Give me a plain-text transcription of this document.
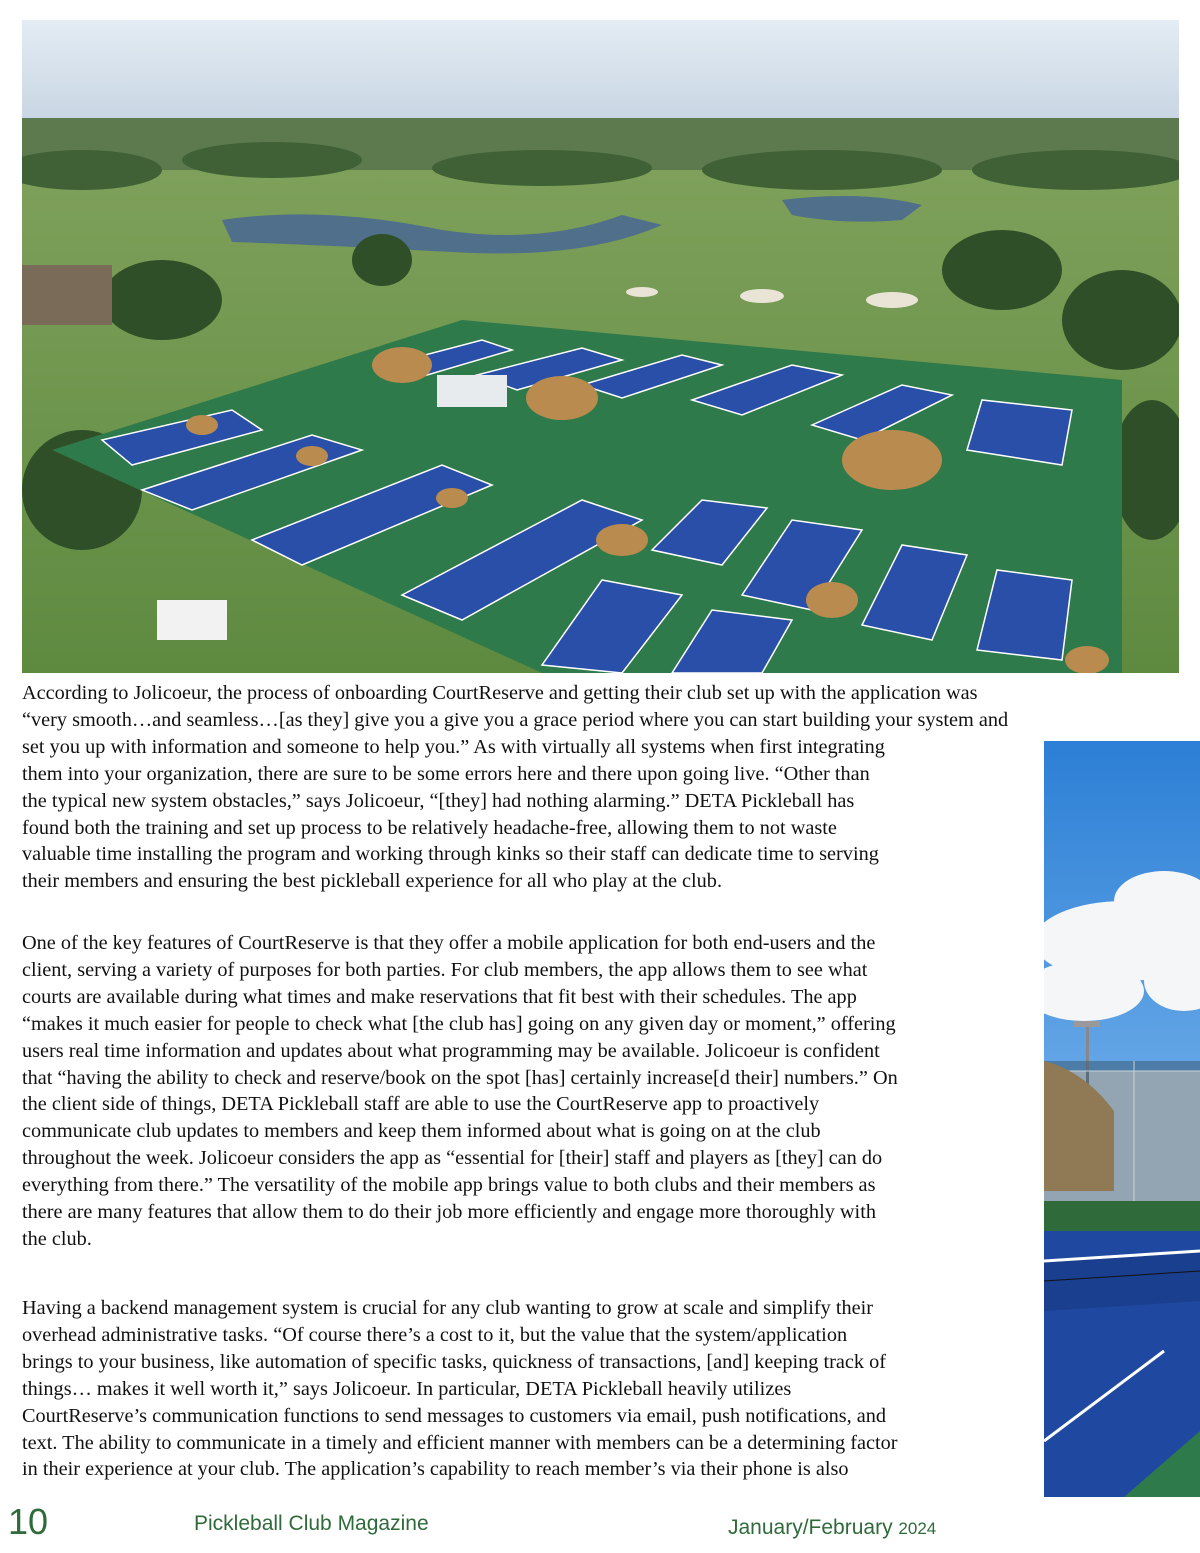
According to Jolicoeur, the process of onboarding CourtReserve and getting their club set up with the application was
“very smooth…and seamless…[as they] give you a give you a grace period where you can start building your system and
set you up with information and someone to help you.” As with virtually all systems when first integrating
them into your organization, there are sure to be some errors here and there upon going live. “Other than
the typical new system obstacles,” says Jolicoeur, “[they] had nothing alarming.” DETA Pickleball has
found both the training and set up process to be relatively headache-free, allowing them to not waste
valuable time installing the program and working through kinks so their staff can dedicate time to serving
their members and ensuring the best pickleball experience for all who play at the club.

One of the key features of CourtReserve is that they offer a mobile application for both end-users and the
client, serving a variety of purposes for both parties. For club members, the app allows them to see what
courts are available during what times and make reservations that fit best with their schedules. The app
“makes it much easier for people to check what [the club has] going on any given day or moment,” offering
users real time information and updates about what programming may be available. Jolicoeur is confident
that “having the ability to check and reserve/book on the spot [has] certainly increase[d their] numbers.” On
the client side of things, DETA Pickleball staff are able to use the CourtReserve app to proactively
communicate club updates to members and keep them informed about what is going on at the club
throughout the week. Jolicoeur considers the app as “essential for [their] staff and players as [they] can do
everything from there.” The versatility of the mobile app brings value to both clubs and their members as
there are many features that allow them to do their job more efficiently and engage more thoroughly with
the club.

Having a backend management system is crucial for any club wanting to grow at scale and simplify their
overhead administrative tasks. “Of course there’s a cost to it, but the value that the system/application
brings to your business, like automation of specific tasks, quickness of transactions, [and] keeping track of
things… makes it well worth it,” says Jolicoeur. In particular, DETA Pickleball heavily utilizes
CourtReserve’s communication functions to send messages to customers via email, push notifications, and
text. The ability to communicate in a timely and efficient manner with members can be a determining factor
in their experience at your club. The application’s capability to reach member’s via their phone is also

10	Pickleball Club Magazine	January/February 2024
